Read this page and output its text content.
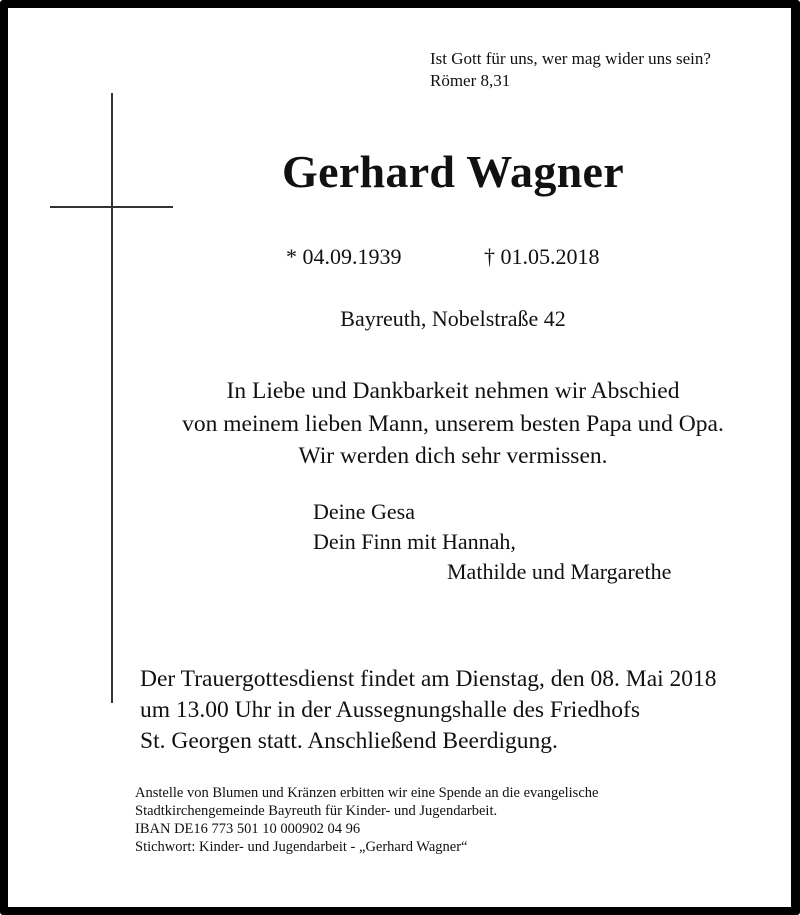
Ist Gott für uns, wer mag wider uns sein?
Römer 8,31
Gerhard Wagner
* 04.09.1939	† 01.05.2018
Bayreuth, Nobelstraße 42
In Liebe und Dankbarkeit nehmen wir Abschied
von meinem lieben Mann, unserem besten Papa und Opa.
Wir werden dich sehr vermissen.
Deine Gesa
Dein Finn mit Hannah,
Mathilde und Margarethe
Der Trauergottesdienst findet am Dienstag, den 08. Mai 2018
um 13.00 Uhr in der Aussegnungshalle des Friedhofs
St. Georgen statt. Anschließend Beerdigung.
Anstelle von Blumen und Kränzen erbitten wir eine Spende an die evangelische
Stadtkirchengemeinde Bayreuth für Kinder- und Jugendarbeit.
IBAN DE16 773 501 10 000902 04 96
Stichwort: Kinder- und Jugendarbeit - „Gerhard Wagner“
